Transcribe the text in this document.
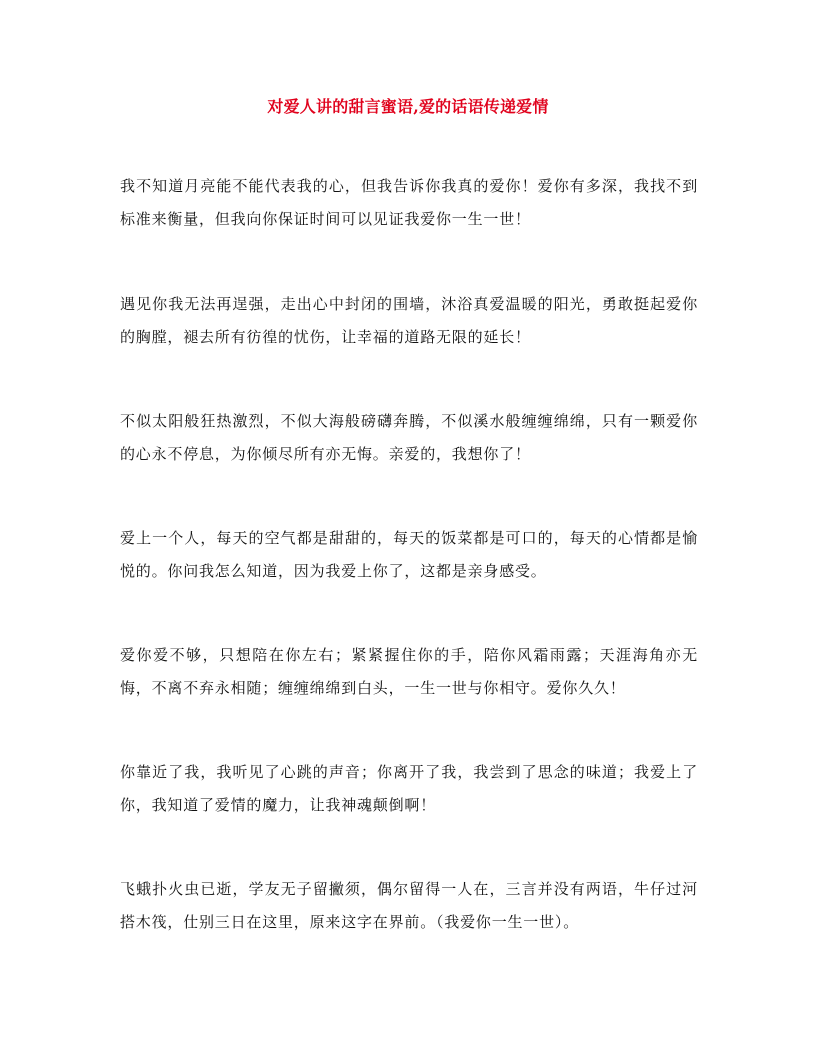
对爱人讲的甜言蜜语,爱的话语传递爱情

我不知道月亮能不能代表我的心，但我告诉你我真的爱你！爱你有多深，我找不到标准来衡量，但我向你保证时间可以见证我爱你一生一世！

遇见你我无法再逞强，走出心中封闭的围墙，沐浴真爱温暖的阳光，勇敢挺起爱你的胸膛，褪去所有彷徨的忧伤，让幸福的道路无限的延长！

不似太阳般狂热激烈，不似大海般磅礴奔腾，不似溪水般缠缠绵绵，只有一颗爱你的心永不停息，为你倾尽所有亦无悔。亲爱的，我想你了！

爱上一个人，每天的空气都是甜甜的，每天的饭菜都是可口的，每天的心情都是愉悦的。你问我怎么知道，因为我爱上你了，这都是亲身感受。

爱你爱不够，只想陪在你左右；紧紧握住你的手，陪你风霜雨露；天涯海角亦无悔，不离不弃永相随；缠缠绵绵到白头，一生一世与你相守。爱你久久！

你靠近了我，我听见了心跳的声音；你离开了我，我尝到了思念的味道；我爱上了你，我知道了爱情的魔力，让我神魂颠倒啊！

飞蛾扑火虫已逝，学友无子留撇须，偶尔留得一人在，三言并没有两语，牛仔过河搭木筏，仕别三日在这里，原来这字在界前。（我爱你一生一世）。
